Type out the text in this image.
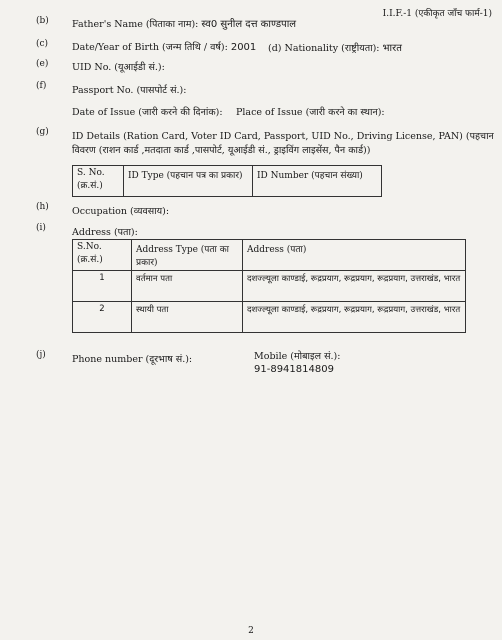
I.I.F.-1 (एकीकृत जाँच फार्म-1)
(b) Father's Name (पिताका नाम): स्व0 सुनील दत्त काण्डपाल
(c)	Date/Year of Birth (जन्म तिथि / वर्ष): 2001 (d) Nationality (राष्ट्रीयता): भारत
(e) UID No. (यूआईडी सं.):
(f)	Passport No. (पासपोर्ट सं.):
Date of Issue (जारी करने की दिनांक): Place of Issue (जारी करने का स्थान):
(g) ID Details (Ration Card, Voter ID Card, Passport, UID No., Driving License, PAN) (पहचान
विवरण (राशन कार्ड ,मतदाता कार्ड ,पासपोर्ट, यूआईडी सं., ड्राइविंग लाइसेंस, पैन कार्ड))
S. No. (क्र.सं.)	ID Type (पहचान पत्र का प्रकार)	ID Number (पहचान संख्या)
(h) Occupation (व्यवसाय):
(i)	Address (पता):
S.No. (क्र.सं.)	Address Type (पता का प्रकार)	Address (पता)
1	वर्तमान पता	दशज्ल्यूला काण्डाई, रूद्रप्रयाग, रूद्रप्रयाग, रूद्रप्रयाग, उत्तराखंड, भारत
2	स्थायी पता	दशज्ल्यूला काण्डाई, रूद्रप्रयाग, रूद्रप्रयाग, रूद्रप्रयाग, उत्तराखंड, भारत
(j)	Phone number (दूरभाष सं.):	Mobile (मोबाइल सं.):
91-8941814809
2
